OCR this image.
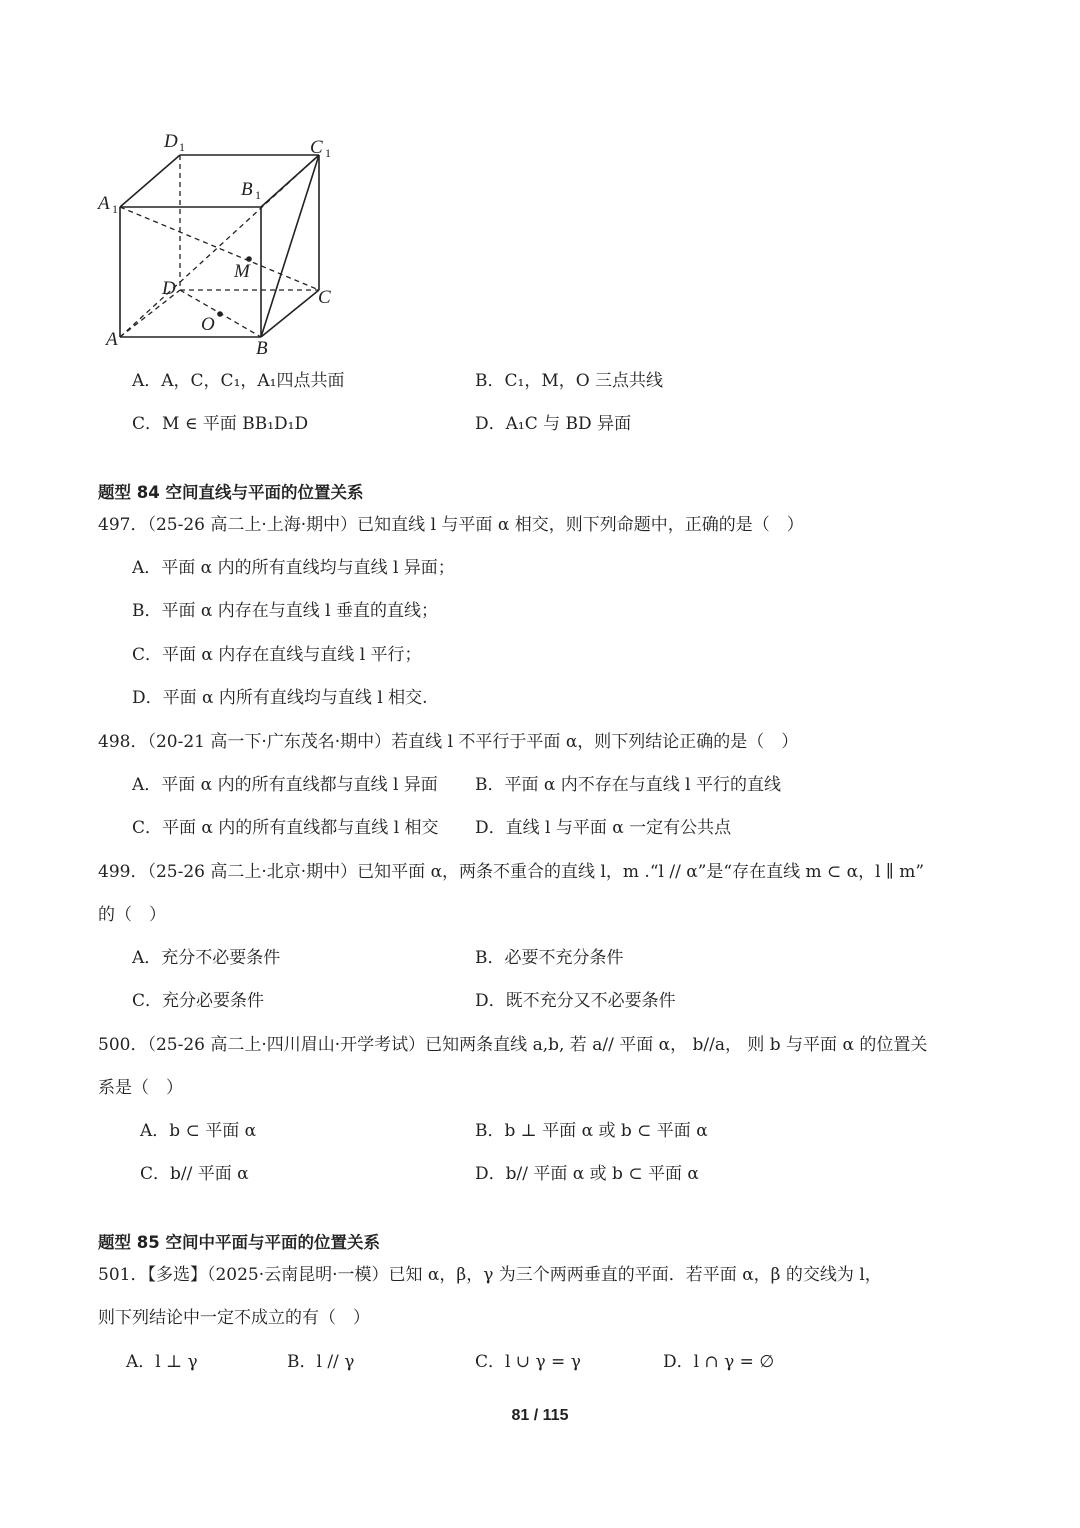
D 1	C 1
B 1
A 1
M
D	C
O
A	B
A．A，C，C₁，A₁四点共面	B．C₁，M，O 三点共线
C．M ∈ 平面 BB₁D₁D	D．A₁C 与 BD 异面
题型 84 空间直线与平面的位置关系
497．（25-26 高二上·上海·期中）已知直线 l 与平面 α 相交，则下列命题中，正确的是（　）
A．平面 α 内的所有直线均与直线 l 异面；
B．平面 α 内存在与直线 l 垂直的直线；
C．平面 α 内存在直线与直线 l 平行；
D．平面 α 内所有直线均与直线 l 相交.
498．（20-21 高一下·广东茂名·期中）若直线 l 不平行于平面 α，则下列结论正确的是（　）
A．平面 α 内的所有直线都与直线 l 异面 B．平面 α 内不存在与直线 l 平行的直线
C．平面 α 内的所有直线都与直线 l 相交 D．直线 l 与平面 α 一定有公共点
499．（25-26 高二上·北京·期中）已知平面 α，两条不重合的直线 l，m .“l // α”是“存在直线 m ⊂ α，l ∥ m”
的（　）
A．充分不必要条件	B．必要不充分条件
C．充分必要条件	D．既不充分又不必要条件
500．（25-26 高二上·四川眉山·开学考试）已知两条直线 a,b, 若 a// 平面 α， b//a， 则 b 与平面 α 的位置关
系是（　）
A．b ⊂ 平面 α	B．b ⊥ 平面 α 或 b ⊂ 平面 α
C．b// 平面 α	D．b// 平面 α 或 b ⊂ 平面 α
题型 85 空间中平面与平面的位置关系
501．【多选】（2025·云南昆明·一模）已知 α，β，γ 为三个两两垂直的平面．若平面 α，β 的交线为 l，
则下列结论中一定不成立的有（　）
A．l ⊥ γ	B．l // γ	C．l ∪ γ = γ	D．l ∩ γ = ∅
81 / 115
